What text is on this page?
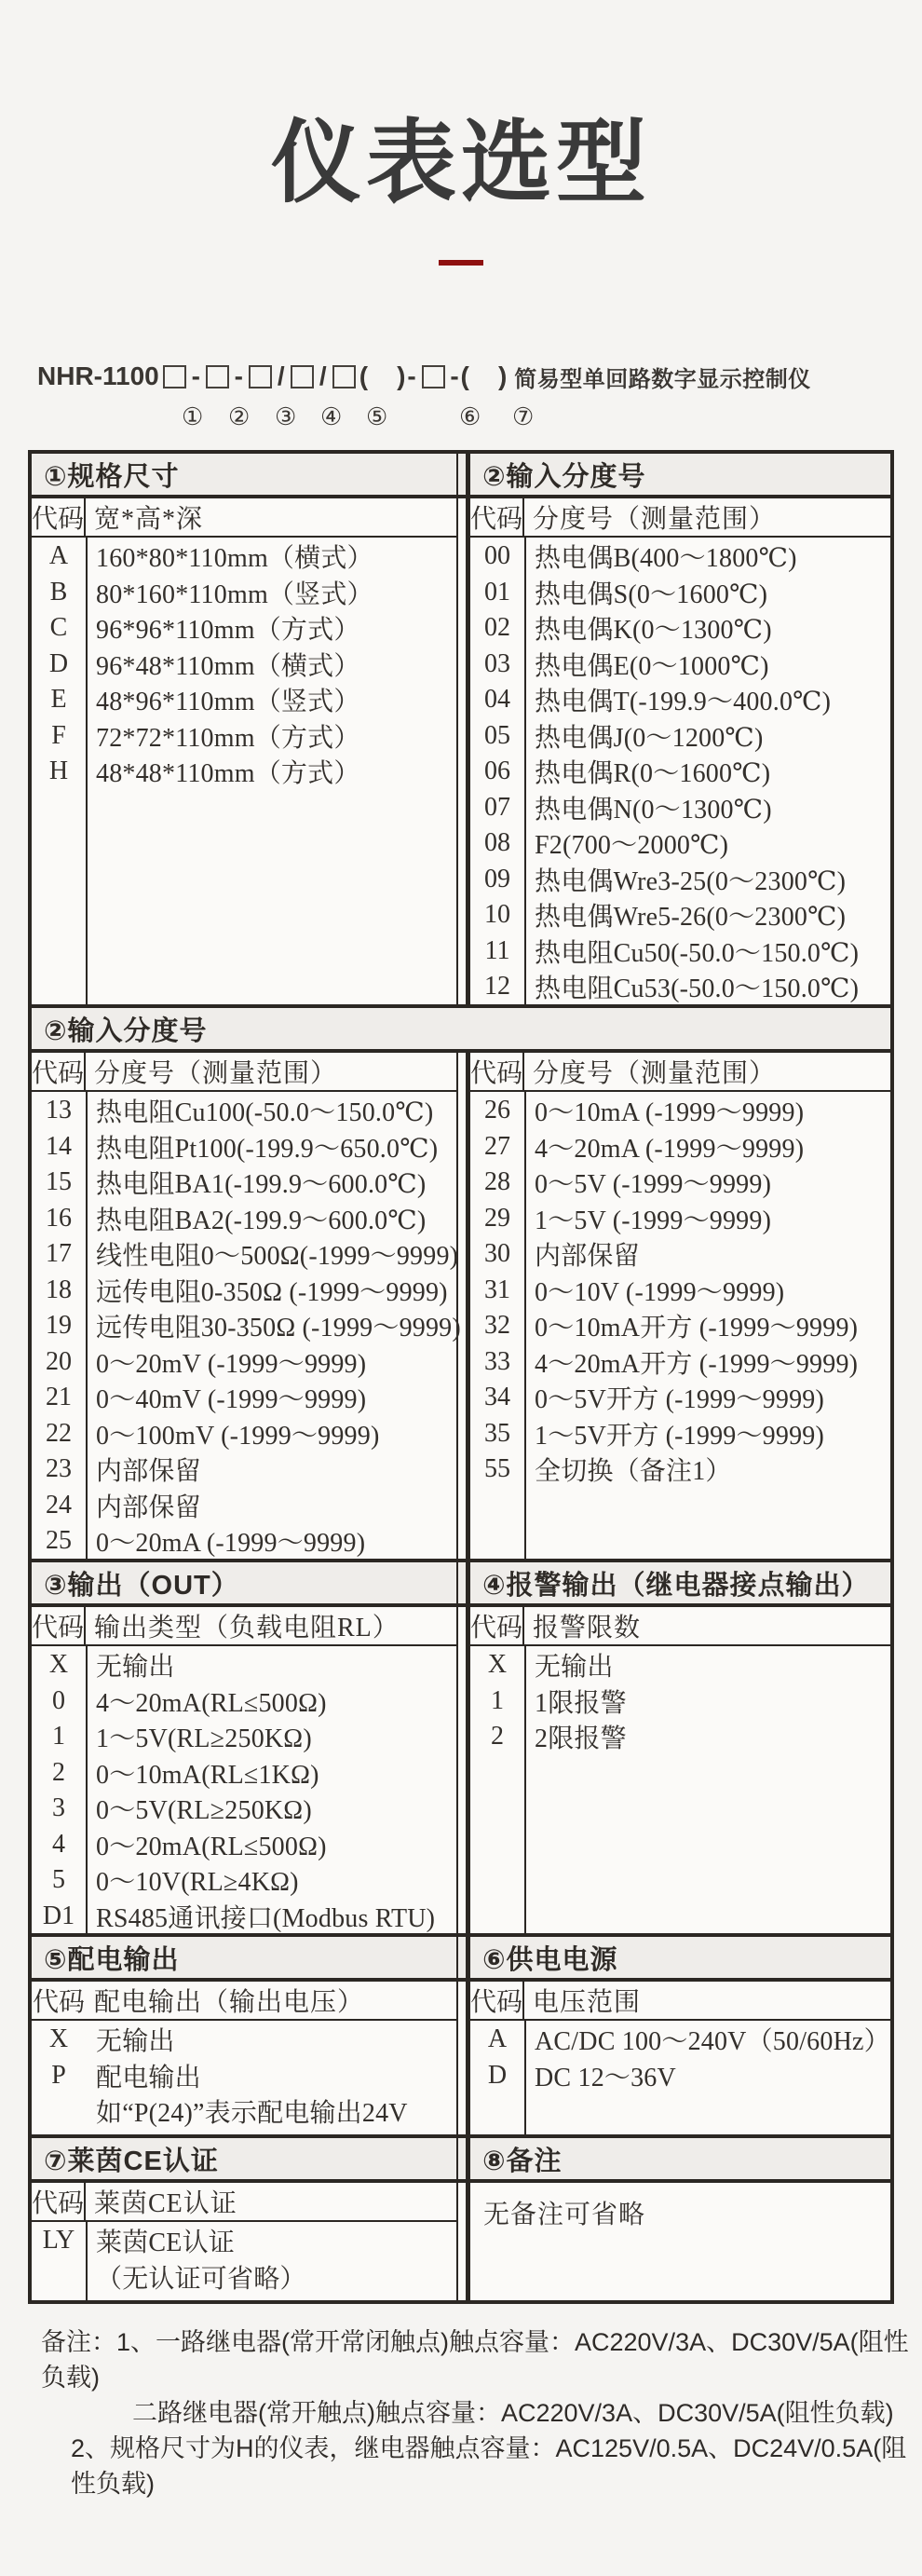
仪表选型
NHR-1100 - - / / (    ) - - (    ) 简易型单回路数字显示控制仪
① ② ③ ④ ⑤	⑥ ⑦
①规格尺寸	②输入分度号
代码 宽*高*深
A	160*80*110mm（横式）
B	80*160*110mm（竖式）
C	96*96*110mm（方式）
D	96*48*110mm（横式）
E	48*96*110mm（竖式）
F	72*72*110mm（方式）
H	48*48*110mm（方式）
代码 分度号（测量范围）
00 热电偶B(400～1800℃)
01 热电偶S(0～1600℃)
02 热电偶K(0～1300℃)
03 热电偶E(0～1000℃)
04 热电偶T(-199.9～400.0℃)
05 热电偶J(0～1200℃)
06 热电偶R(0～1600℃)
07 热电偶N(0～1300℃)
08 F2(700～2000℃)
09 热电偶Wre3-25(0～2300℃)
10 热电偶Wre5-26(0～2300℃)
11 热电阻Cu50(-50.0～150.0℃)
12 热电阻Cu53(-50.0～150.0℃)
②输入分度号
代码 分度号（测量范围）
13 热电阻Cu100(-50.0～150.0℃)
14 热电阻Pt100(-199.9～650.0℃)
15 热电阻BA1(-199.9～600.0℃)
16 热电阻BA2(-199.9～600.0℃)
17 线性电阻0～500Ω(-1999～9999)
18 远传电阻0-350Ω (-1999～9999)
19 远传电阻30-350Ω (-1999～9999)
20 0～20mV (-1999～9999)
21 0～40mV (-1999～9999)
22 0～100mV (-1999～9999)
23 内部保留
24 内部保留
25 0～20mA (-1999～9999)
代码 分度号（测量范围）
26 0～10mA (-1999～9999)
27 4～20mA (-1999～9999)
28 0～5V (-1999～9999)
29 1～5V (-1999～9999)
30 内部保留
31 0～10V (-1999～9999)
32 0～10mA开方 (-1999～9999)
33 4～20mA开方 (-1999～9999)
34 0～5V开方 (-1999～9999)
35 1～5V开方 (-1999～9999)
55 全切换（备注1）
③输出（OUT）	④报警输出（继电器接点输出）
代码 输出类型（负载电阻RL）
X	无输出
0	4～20mA(RL≤500Ω)
1	1～5V(RL≥250KΩ)
2	0～10mA(RL≤1KΩ)
3	0～5V(RL≥250KΩ)
4	0～20mA(RL≤500Ω)
5	0～10V(RL≥4KΩ)
D1 RS485通讯接口(Modbus RTU)
代码 报警限数
X	无输出
1	1限报警
2	2限报警
⑤配电输出	⑥供电电源
代码 配电输出（输出电压）
X	无输出
P	配电输出
如“P(24)”表示配电输出24V
代码 电压范围
A	AC/DC 100～240V（50/60Hz）
D	DC 12～36V
⑦莱茵CE认证	⑧备注
代码 莱茵CE认证
LY 莱茵CE认证
（无认证可省略）
无备注可省略
备注：1、一路继电器(常开常闭触点)触点容量：AC220V/3A、DC30V/5A(阻性负载)
二路继电器(常开触点)触点容量：AC220V/3A、DC30V/5A(阻性负载)
2、规格尺寸为H的仪表，继电器触点容量：AC125V/0.5A、DC24V/0.5A(阻性负载)
